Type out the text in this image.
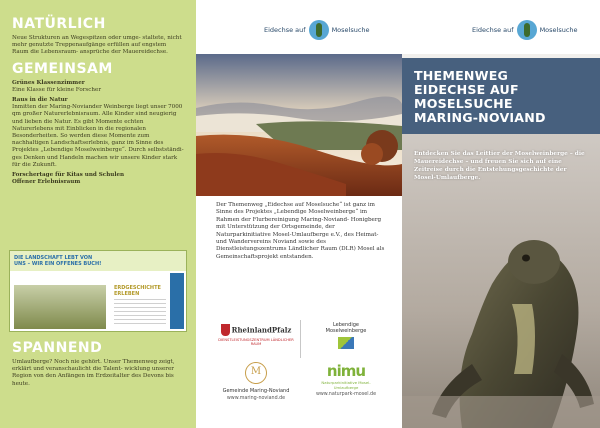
NATÜRLICH

Neue Strukturen an Wegespitzen oder umge- staltete, nicht mehr genutzte Treppenaufgänge erfüllen auf engstem Raum die Lebensraum- ansprüche der Mauereidechse.

GEMEINSAM

Grünes Klassenzimmer

Eine Klasse für kleine Forscher

Raus in die Natur

Inmitten der Maring-Noviander Weinberge liegt unser 7000 qm großer Naturerlebnisraum. Alle Kinder sind neugierig und lieben die Natur. Es gibt Momente echten Naturerlebens mit Einblicken in die regionalen Besonderheiten. So werden diese Momente zum nachhaltigen Landschaftserlebnis, ganz im Sinne des Projektes „Lebendige Moselweinberge“. Durch selbstständi- ges Denken und Handeln machen wir unsere Kinder stark für die Zukunft.

Forschertage für Kitas und Schulen

Offener Erlebnisraum

DIE LANDSCHAFT LEBT VON UNS – WIR EIN OFFENES BUCH!
ERDGESCHICHTE ERLEBEN
SPANNEND

Umlaufberge? Noch nie gehört. Unser Themenweg zeigt, erklärt und veranschaulicht die Talent- wicklung unserer Region von den Anfängen im Erdzeitalter des Devons bis heute.

Eidechse auf	Moselsuche

Der Themenweg „Eidechse auf Moselsuche“ ist ganz im Sinne des Projektes „Lebendige Moselweinberge“ im Rahmen der Flurbereinigung Maring-Noviand- Honigberg mit Unterstützung der Ortsgemeinde, der Naturparkinitiative Mosel-Umlaufberge e.V., des Heimat- und Wandervereins Noviand sowie des Dienstleistungszentrums Ländlicher Raum (DLR) Mosel als Gemeinschaftsprojekt entstanden.

RheinlandPfalz
DIENSTLEISTUNGSZENTRUM LÄNDLICHER RAUM
Lebendige Moselweinberge
M
Gemeinde Maring-Noviand
www.maring-noviand.de
nimu
Naturparkinitiative Mosel-Umlaufberge
www.naturpark-mosel.de
Eidechse auf	Moselsuche
THEMENWEG
EIDECHSE AUF MOSELSUCHE
MARING-NOVIAND

Entdecken Sie das Leittier der Moselweinberge – die Mauereidechse – und freuen Sie sich auf eine Zeitreise durch die Entstehungsgeschichte der Mosel-Umlaufberge.
